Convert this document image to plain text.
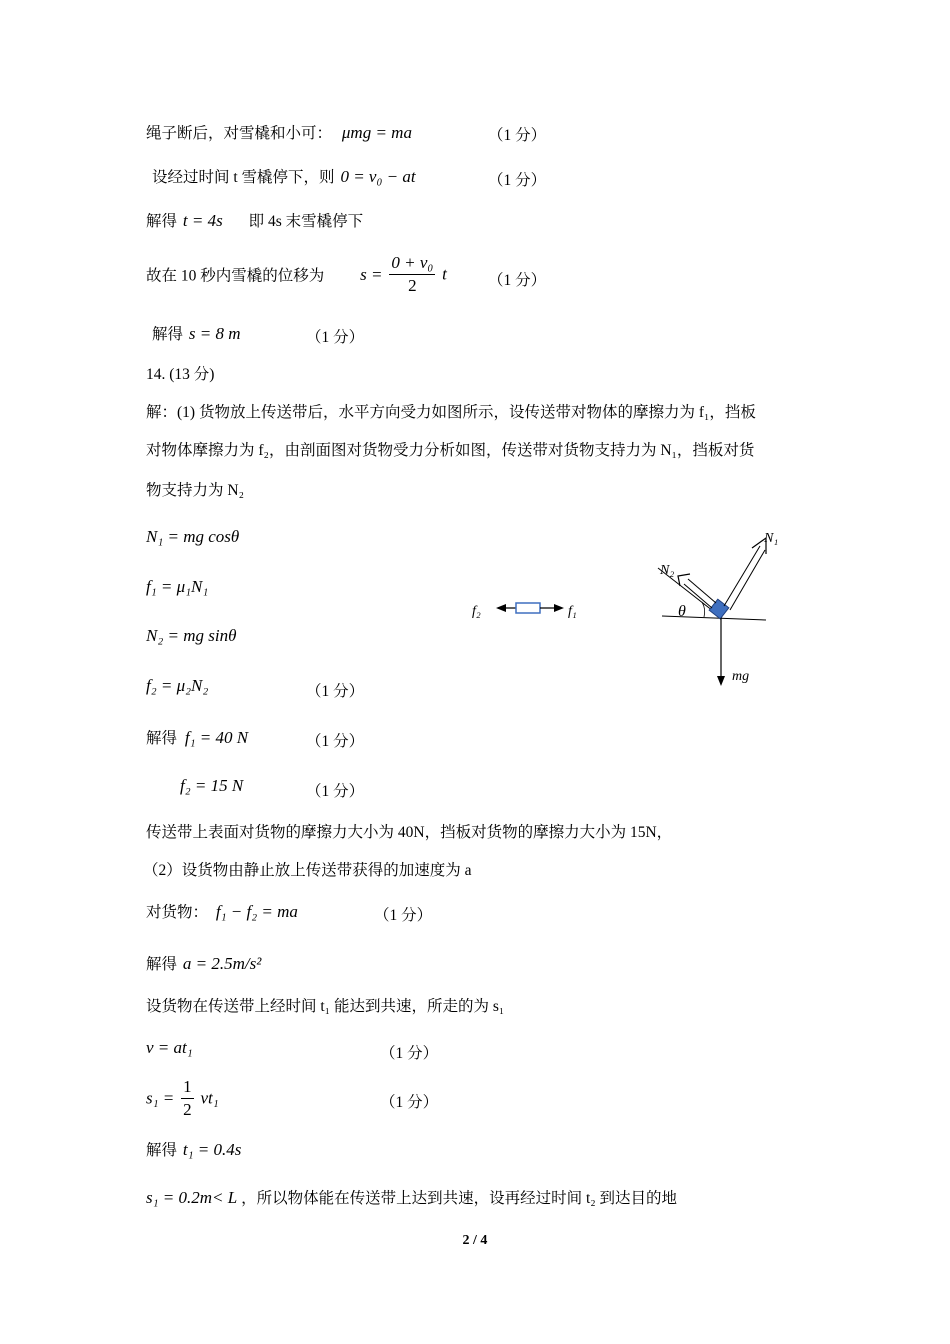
绳子断后，对雪橇和小可： μmg = ma	（1 分）
设经过时间 t 雪橇停下，则 0 = v₀ − at	（1 分）
解得 t = 4s 即 4s 末雪橇停下
故在 10 秒内雪橇的位移为 $s = \frac{\text{0 + v₀}}{2}$ t	（1 分）
解得 s = 8 m	（1 分）
14. (13 分)
解：(1) 货物放上传送带后，水平方向受力如图所示，设传送带对物体的摩擦力为 f₁，挡板
对物体摩擦力为 f₂，由剖面图对货物受力分析如图，传送带对货物支持力为 N₁，挡板对货
物支持力为 N₂
N₁ = mg cosθ
f₁ = μ₁N₁
N₂ = mg sinθ
f₂ = μ₂N₂	（1 分）
解得 f₁ = 40 N	（1 分）
f₂ = 15 N	（1 分）
f₂	f₁	θ
N₁
N₂
mg
传送带上表面对货物的摩擦力大小为 40N，挡板对货物的摩擦力大小为 15N，
（2）设货物由静止放上传送带获得的加速度为 a
对货物： f₁ − f₂ = ma	（1 分）
解得 a = 2.5m/s²
设货物在传送带上经时间 t₁ 能达到共速，所走的为 s₁
v = at₁	（1 分）
$s_1 = \frac{1}{2} vt_1$	（1 分）
解得 t₁ = 0.4s
s₁ = 0.2m< L ，所以物体能在传送带上达到共速，设再经过时间 t₂ 到达目的地
2 / 4
